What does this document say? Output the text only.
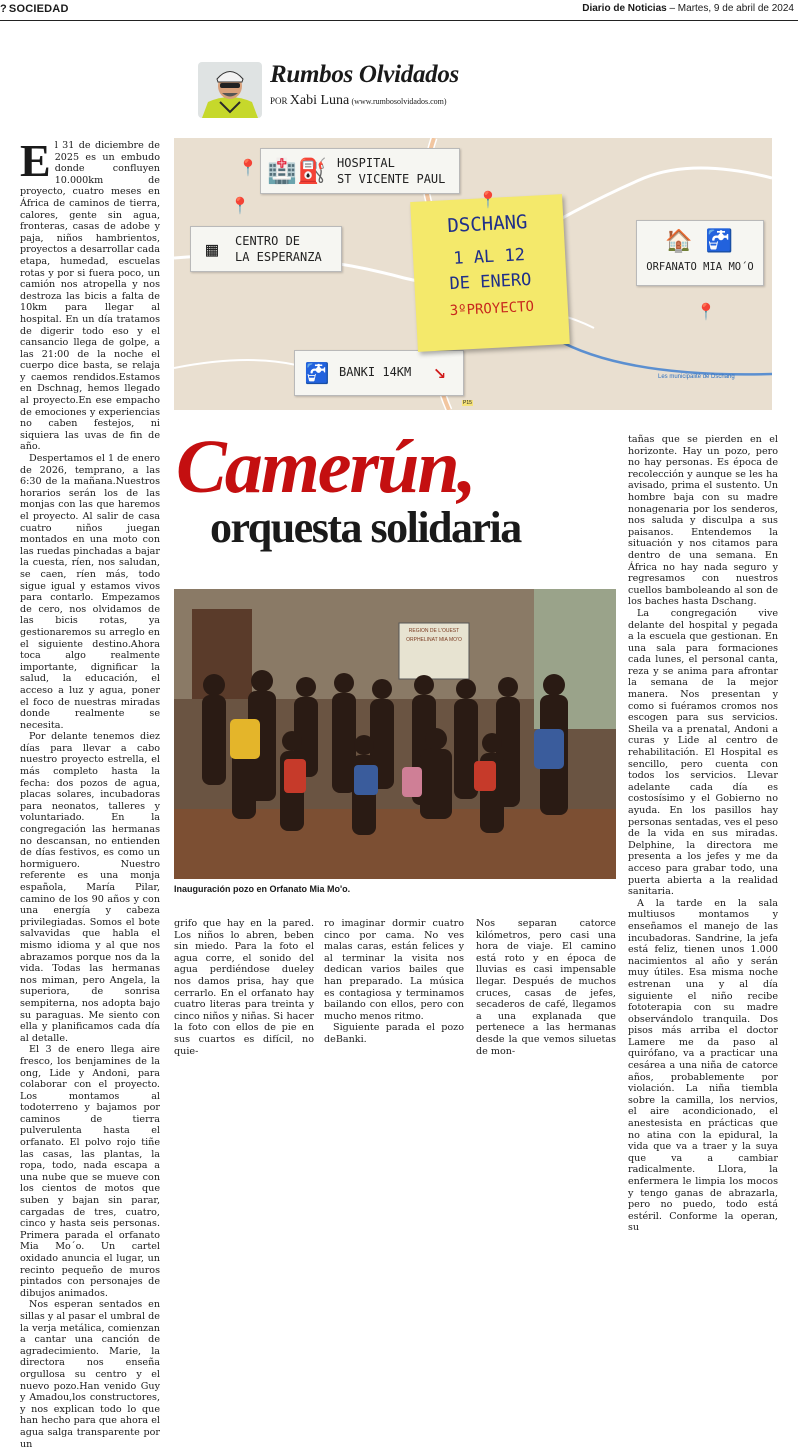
? SOCIEDAD	Diario de Noticias – Martes, 9 de abril de 2024
Rumbos Olvidados
POR Xabi Luna (www.rumbosolvidados.com)
🏥⛽ HOSPITAL
ST VICENTE PAUL
▦	CENTRO DE
LA ESPERANZA
🏠 🚰
ORFANATO MIA MO´O
🚰 BANKI 14KM ↘
DSCHANG
1 AL 12
DE ENERO
3ºPROYECTO
📍
📍	📍
📍
Les municipalité de Dschang
P15

El 31 de diciembre de 2025 es un embudo donde confluyen 10.000km de proyecto, cuatro meses en África de caminos de tierra, calores, gente sin agua, fronteras, casas de adobe y paja, niños hambrientos, proyectos a desarrollar cada etapa, humedad, escuelas rotas y por si fuera poco, un camión nos atropella y nos destroza las bicis a falta de 10km para llegar al hospital. En un día tratamos de digerir todo eso y el cansancio llega de golpe, a las 21:00 de la noche el cuerpo dice basta, se relaja y caemos rendidos.Estamos en Dschnag, hemos llegado al proyecto.En ese empacho de emociones y experiencias no caben festejos, ni siquiera las uvas de fin de año.

Despertamos el 1 de enero de 2026, temprano, a las 6:30 de la mañana.Nuestros horarios serán los de las monjas con las que haremos el proyecto. Al salir de casa cuatro niños juegan montados en una moto con las ruedas pinchadas a bajar la cuesta, ríen, nos saludan, se caen, ríen más, todo sigue igual y estamos vivos para contarlo. Empezamos de cero, nos olvidamos de las bicis rotas, ya gestionaremos su arreglo en el siguiente destino.Ahora toca algo realmente importante, dignificar la salud, la educación, el acceso a luz y agua, poner el foco de nuestras miradas donde realmente se necesita.

Por delante tenemos diez días para llevar a cabo nuestro proyecto estrella, el más completo hasta la fecha: dos pozos de agua, placas solares, incubadoras para neonatos, talleres y voluntariado. En la congregación las hermanas no descansan, no entienden de días festivos, es como un hormiguero. Nuestro referente es una monja española, María Pilar, camino de los 90 años y con una energía y cabeza privilegiadas. Somos el bote salvavidas que habla el mismo idioma y al que nos abrazamos porque nos da la vida. Todas las hermanas nos miman, pero Angela, la superiora, de sonrisa sempiterna, nos adopta bajo su paraguas. Me siento con ella y planificamos cada día al detalle.

El 3 de enero llega aire fresco, los benjamines de la ong, Lide y Andoni, para colaborar con el proyecto. Los montamos al todoterreno y bajamos por caminos de tierra pulverulenta hasta el orfanato. El polvo rojo tiñe las casas, las plantas, la ropa, todo, nada escapa a una nube que se mueve con los cientos de motos que suben y bajan sin parar, cargadas de tres, cuatro, cinco y hasta seis personas. Primera parada el orfanato Mia Mo´o. Un cartel oxidado anuncia el lugar, un recinto pequeño de muros pintados con personajes de dibujos animados.

Nos esperan sentados en sillas y al pasar el umbral de la verja metálica, comienzan a cantar una canción de agradecimiento. Marie, la directora nos enseña orgullosa su centro y el nuevo pozo.Han venido Guy y Amadou,los constructores, y nos explican todo lo que han hecho para que ahora el agua salga transparente por un

Camerún,
orquesta solidaria
REGION DE L'OUEST
ORPHELINAT MIA MO'O
Inauguración pozo en Orfanato Mia Mo'o.

grifo que hay en la pared. Los niños lo abren, beben sin miedo. Para la foto el agua corre, el sonido del agua perdiéndose dueley nos damos prisa, hay que cerrarlo. En el orfanato hay cuatro literas para treinta y cinco niños y niñas. Si hacer la foto con ellos de pie en sus cuartos es difícil, no quie-

ro imaginar dormir cuatro cinco por cama. No ves malas caras, están felices y al terminar la visita nos dedican varios bailes que han preparado. La música es contagiosa y terminamos bailando con ellos, pero con mucho menos ritmo.

Siguiente parada el pozo deBanki.

Nos separan catorce kilómetros, pero casi una hora de viaje. El camino está roto y en época de lluvias es casi impensable llegar. Después de muchos cruces, casas de jefes, secaderos de café, llegamos a una explanada que pertenece a las hermanas desde la que vemos siluetas de mon-

tañas que se pierden en el horizonte. Hay un pozo, pero no hay personas. Es época de recolección y aunque se les ha avisado, prima el sustento. Un hombre baja con su madre nonagenaria por los senderos, nos saluda y disculpa a sus paisanos. Entendemos la situación y nos citamos para dentro de una semana. En África no hay nada seguro y regresamos con nuestros cuellos bamboleando al son de los baches hasta Dschang.

La congregación vive delante del hospital y pegada a la escuela que gestionan. En una sala para formaciones cada lunes, el personal canta, reza y se anima para afrontar la semana de la mejor manera. Nos presentan y como si fuéramos cromos nos escogen para sus servicios. Sheila va a prenatal, Andoni a curas y Lide al centro de rehabilitación. El Hospital es sencillo, pero cuenta con todos los servicios. Llevar adelante cada día es costosísimo y el Gobierno no ayuda. En los pasillos hay personas sentadas, ves el peso de la vida en sus miradas. Delphine, la directora me presenta a los jefes y me da acceso para grabar todo, una puerta abierta a la realidad sanitaria.

A la tarde en la sala multiusos montamos y enseñamos el manejo de las incubadoras. Sandrine, la jefa está feliz, tienen unos 1.000 nacimientos al año y serán muy útiles. Esa misma noche estrenan una y al día siguiente el niño recibe fototerapia con su madre observándolo tranquila. Dos pisos más arriba el doctor Lamere me da paso al quirófano, va a practicar una cesárea a una niña de catorce años, probablemente por violación. La niña tiembla sobre la camilla, los nervios, el aire acondicionado, el anestesista en prácticas que no atina con la epidural, la vida que va a traer y la suya que va a cambiar radicalmente. Llora, la enfermera le limpia los mocos y tengo ganas de abrazarla, pero no puedo, todo está estéril. Conforme la operan, su
